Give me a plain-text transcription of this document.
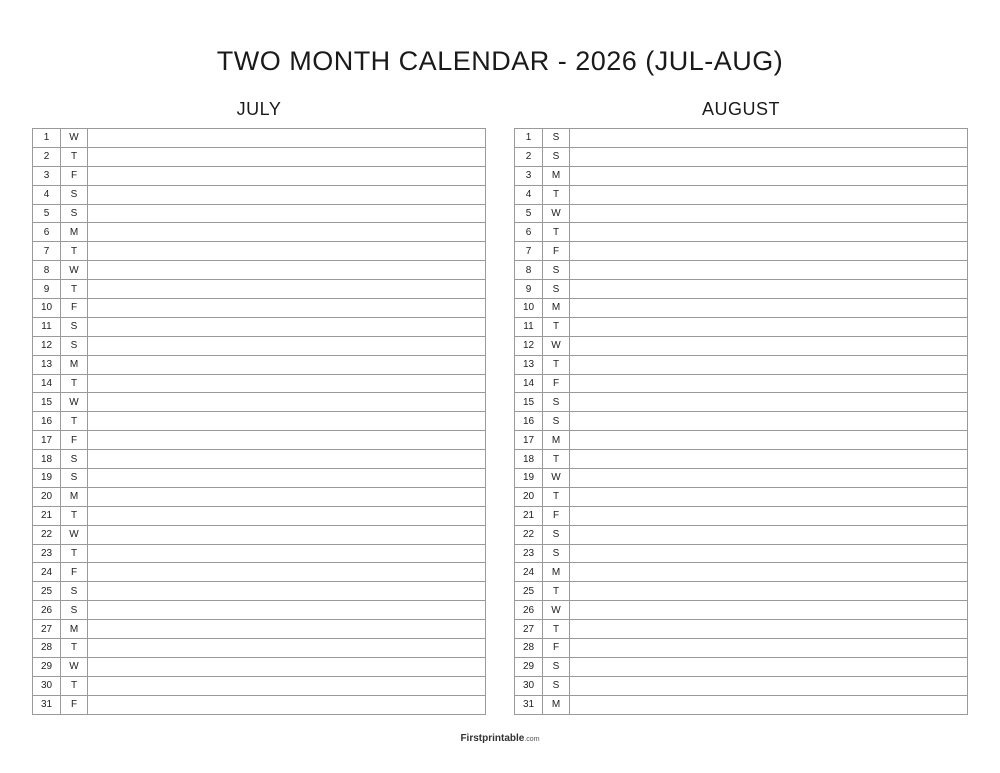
TWO MONTH CALENDAR - 2026 (JUL-AUG)
JULY
1	W	
2	T	
3	F	
4	S	
5	S	
6	M	
7	T	
8	W	
9	T	
10	F	
11	S	
12	S	
13	M	
14	T	
15	W	
16	T	
17	F	
18	S	
19	S	
20	M	
21	T	
22	W	
23	T	
24	F	
25	S	
26	S	
27	M	
28	T	
29	W	
30	T	
31	F	
AUGUST
1	S	
2	S	
3	M	
4	T	
5	W	
6	T	
7	F	
8	S	
9	S	
10	M	
11	T	
12	W	
13	T	
14	F	
15	S	
16	S	
17	M	
18	T	
19	W	
20	T	
21	F	
22	S	
23	S	
24	M	
25	T	
26	W	
27	T	
28	F	
29	S	
30	S	
31	M	
Firstprintable.com
